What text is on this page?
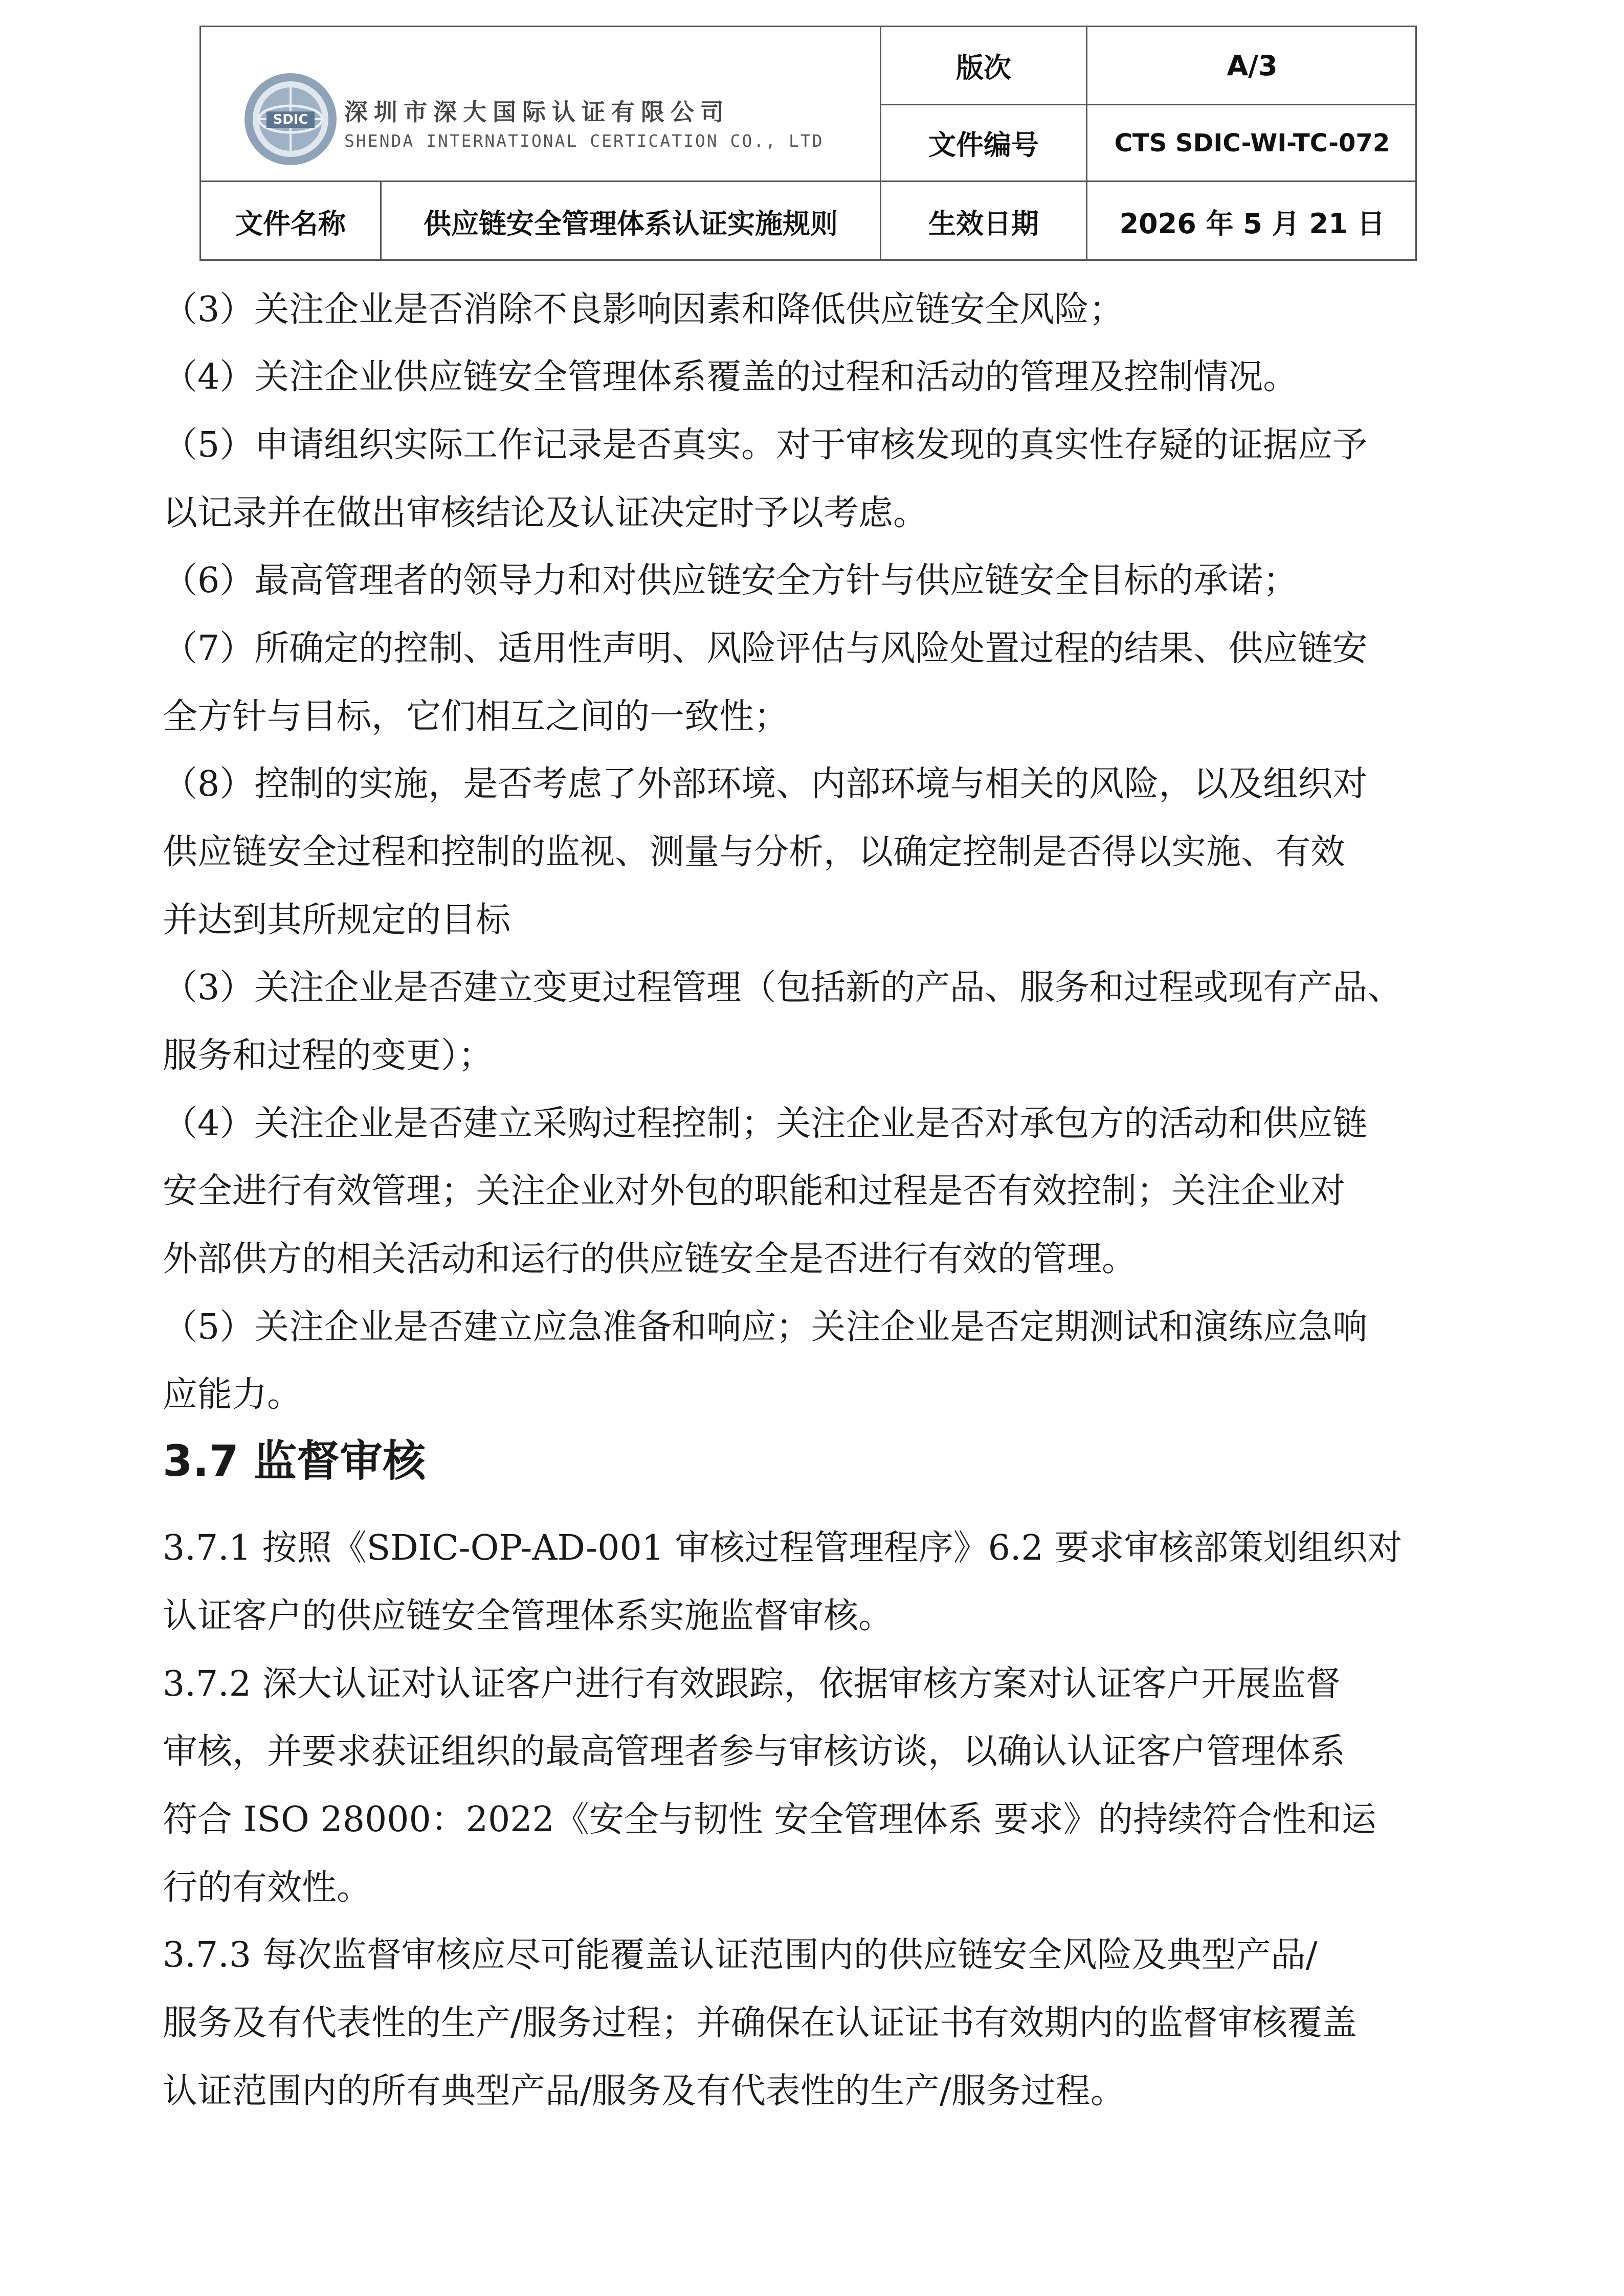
SDIC 深圳市深大国际认证有限公司
SHENDA INTERNATIONAL CERTICATION CO., LTD
版次	A/3
文件编号	CTS SDIC-WI-TC-072
文件名称	供应链安全管理体系认证实施规则	生效日期	2026 年 5 月 21 日
（3）关注企业是否消除不良影响因素和降低供应链安全风险；
（4）关注企业供应链安全管理体系覆盖的过程和活动的管理及控制情况。
（5）申请组织实际工作记录是否真实。对于审核发现的真实性存疑的证据应予
以记录并在做出审核结论及认证决定时予以考虑。
（6）最高管理者的领导力和对供应链安全方针与供应链安全目标的承诺；
（7）所确定的控制、适用性声明、风险评估与风险处置过程的结果、供应链安
全方针与目标，它们相互之间的一致性；
（8）控制的实施，是否考虑了外部环境、内部环境与相关的风险，以及组织对
供应链安全过程和控制的监视、测量与分析，以确定控制是否得以实施、有效
并达到其所规定的目标
（3）关注企业是否建立变更过程管理（包括新的产品、服务和过程或现有产品、
服务和过程的变更）；
（4）关注企业是否建立采购过程控制；关注企业是否对承包方的活动和供应链
安全进行有效管理；关注企业对外包的职能和过程是否有效控制；关注企业对
外部供方的相关活动和运行的供应链安全是否进行有效的管理。
（5）关注企业是否建立应急准备和响应；关注企业是否定期测试和演练应急响
应能力。
3.7 监督审核
3.7.1 按照《SDIC-OP-AD-001 审核过程管理程序》6.2 要求审核部策划组织对
认证客户的供应链安全管理体系实施监督审核。
3.7.2 深大认证对认证客户进行有效跟踪，依据审核方案对认证客户开展监督
审核，并要求获证组织的最高管理者参与审核访谈，以确认认证客户管理体系
符合 ISO 28000：2022《安全与韧性 安全管理体系 要求》的持续符合性和运
行的有效性。
3.7.3 每次监督审核应尽可能覆盖认证范围内的供应链安全风险及典型产品/
服务及有代表性的生产/服务过程；并确保在认证证书有效期内的监督审核覆盖
认证范围内的所有典型产品/服务及有代表性的生产/服务过程。
